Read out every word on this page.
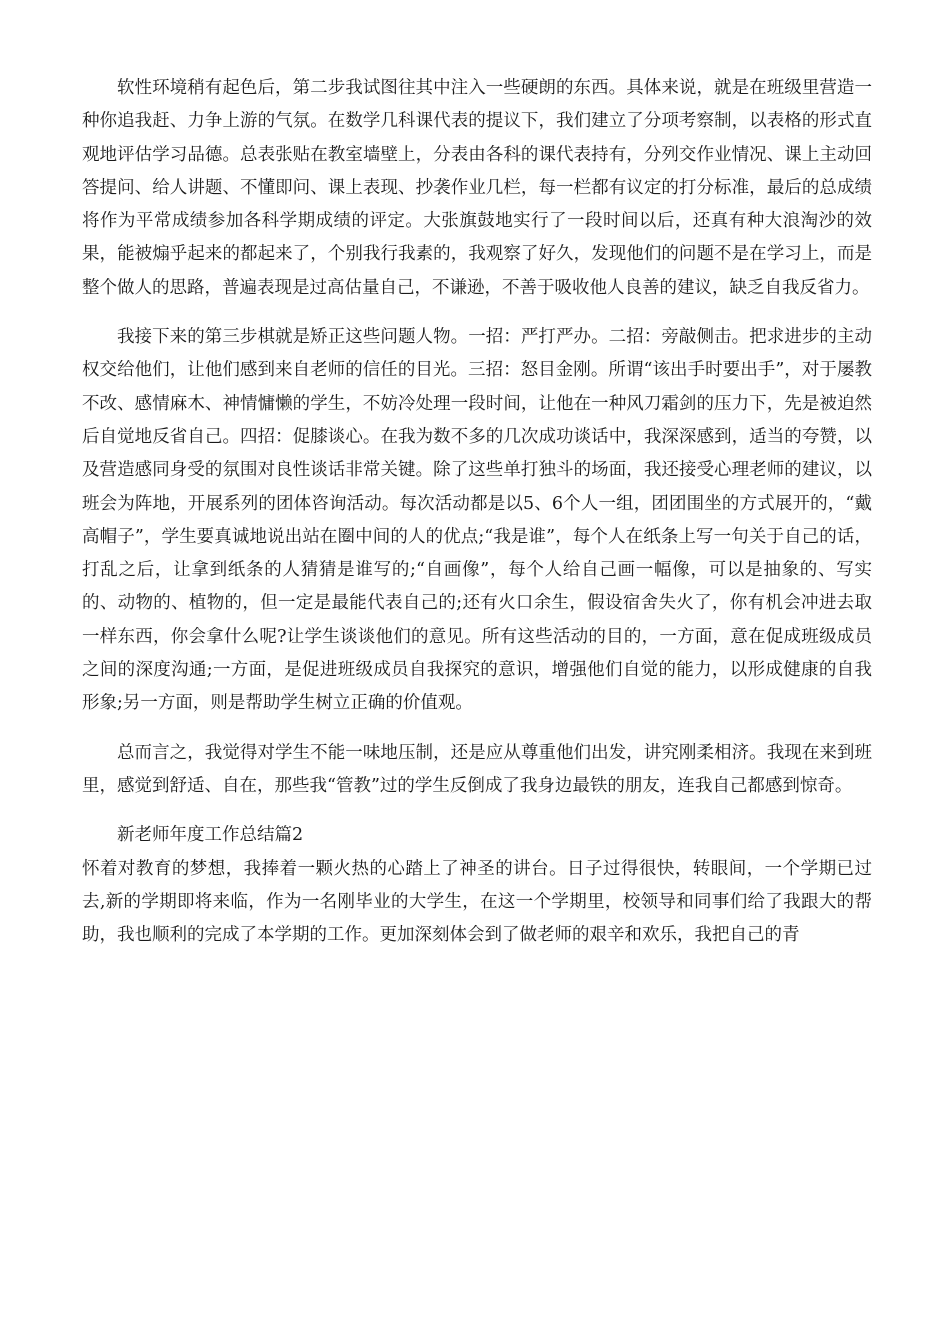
软性环境稍有起色后，第二步我试图往其中注入一些硬朗的东西。具体来说，就是在班级里营造一种你追我赶、力争上游的气氛。在数学几科课代表的提议下，我们建立了分项考察制，以表格的形式直观地评估学习品德。总表张贴在教室墙壁上，分表由各科的课代表持有，分列交作业情况、课上主动回答提问、给人讲题、不懂即问、课上表现、抄袭作业几栏，每一栏都有议定的打分标准，最后的总成绩将作为平常成绩参加各科学期成绩的评定。大张旗鼓地实行了一段时间以后，还真有种大浪淘沙的效果，能被煽乎起来的都起来了，个别我行我素的，我观察了好久，发现他们的问题不是在学习上，而是整个做人的思路，普遍表现是过高估量自己，不谦逊，不善于吸收他人良善的建议，缺乏自我反省力。

我接下来的第三步棋就是矫正这些问题人物。一招：严打严办。二招：旁敲侧击。把求进步的主动权交给他们，让他们感到来自老师的信任的目光。三招：怒目金刚。所谓“该出手时要出手”，对于屡教不改、感情麻木、神情慵懒的学生，不妨冷处理一段时间，让他在一种风刀霜剑的压力下，先是被迫然后自觉地反省自己。四招：促膝谈心。在我为数不多的几次成功谈话中，我深深感到，适当的夸赞，以及营造感同身受的氛围对良性谈话非常关键。除了这些单打独斗的场面，我还接受心理老师的建议，以班会为阵地，开展系列的团体咨询活动。每次活动都是以5、6个人一组，团团围坐的方式展开的，“戴高帽子”，学生要真诚地说出站在圈中间的人的优点;“我是谁”，每个人在纸条上写一句关于自己的话，打乱之后，让拿到纸条的人猜猜是谁写的;“自画像”，每个人给自己画一幅像，可以是抽象的、写实的、动物的、植物的，但一定是最能代表自己的;还有火口余生，假设宿舍失火了，你有机会冲进去取一样东西，你会拿什么呢?让学生谈谈他们的意见。所有这些活动的目的，一方面，意在促成班级成员之间的深度沟通;一方面，是促进班级成员自我探究的意识，增强他们自觉的能力，以形成健康的自我形象;另一方面，则是帮助学生树立正确的价值观。

总而言之，我觉得对学生不能一味地压制，还是应从尊重他们出发，讲究刚柔相济。我现在来到班里，感觉到舒适、自在，那些我“管教”过的学生反倒成了我身边最铁的朋友，连我自己都感到惊奇。

新老师年度工作总结篇2

怀着对教育的梦想，我捧着一颗火热的心踏上了神圣的讲台。日子过得很快，转眼间，一个学期已过去,新的学期即将来临，作为一名刚毕业的大学生，在这一个学期里，校领导和同事们给了我跟大的帮助，我也顺利的完成了本学期的工作。更加深刻体会到了做老师的艰辛和欢乐，我把自己的青
